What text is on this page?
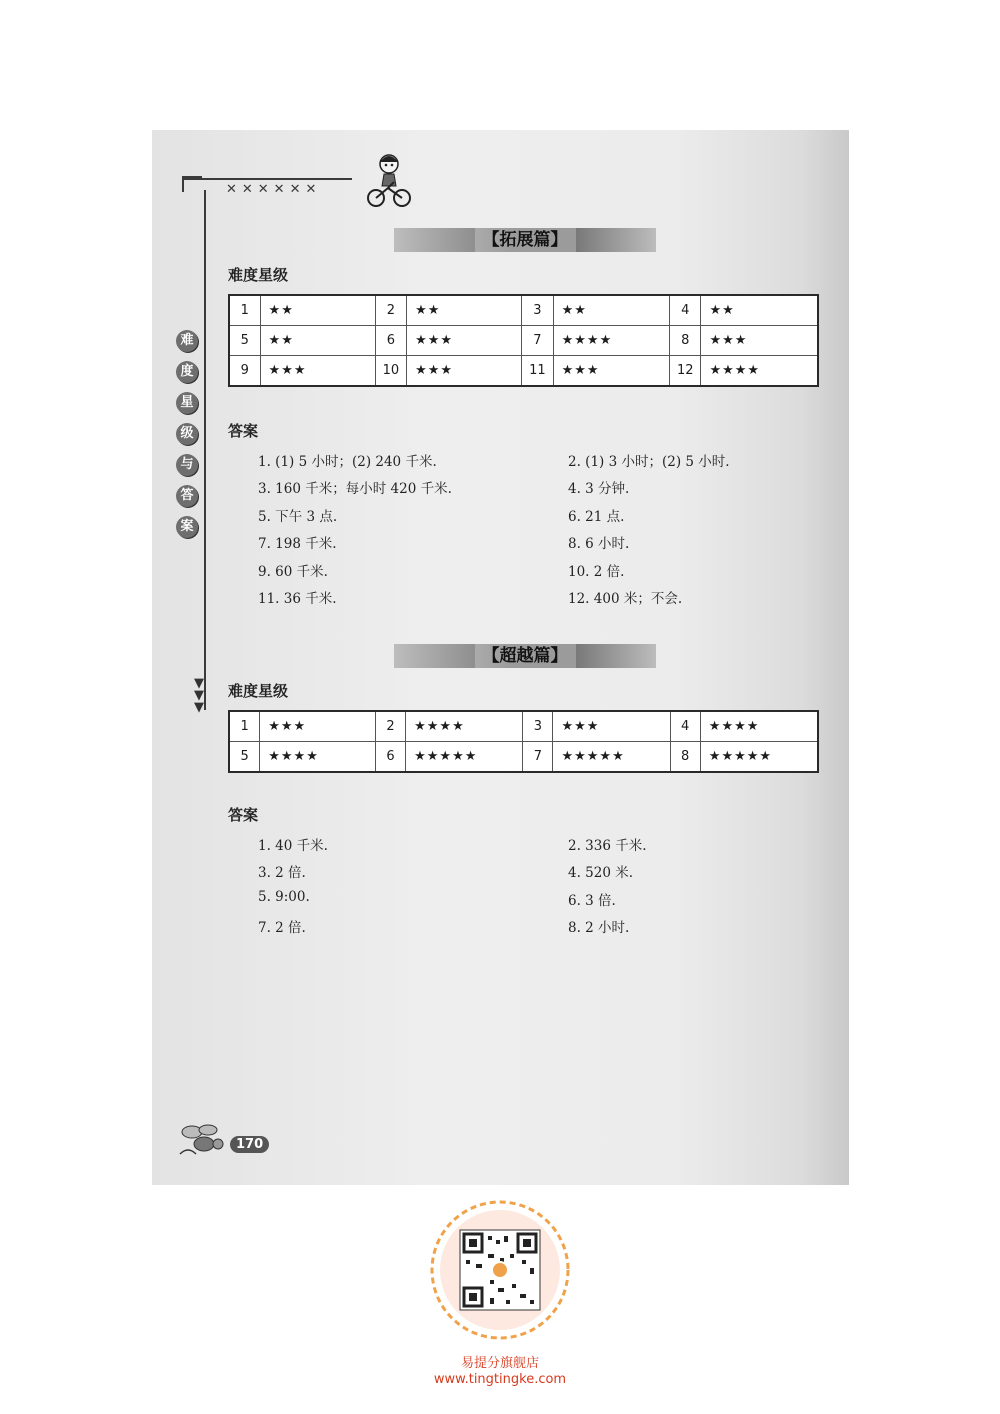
✕✕✕✕✕✕
难
度
星
级
与
答
案
▼
▼
▼
【拓展篇】
难度星级
1	★★	2	★★	3	★★	4	★★
5	★★	6	★★★	7	★★★★	8	★★★
9	★★★	10	★★★	11	★★★	12	★★★★
答案
1. (1) 5 小时；(2) 240 千米.	2. (1) 3 小时；(2) 5 小时.
3. 160 千米；每小时 420 千米.	4. 3 分钟.
5. 下午 3 点.	6. 21 点.
7. 198 千米.	8. 6 小时.
9. 60 千米.	10. 2 倍.
11. 36 千米.	12. 400 米；不会.
【超越篇】
难度星级
1	★★★	2	★★★★	3	★★★	4	★★★★
5	★★★★	6	★★★★★	7	★★★★★	8	★★★★★
答案
1. 40 千米.	2. 336 千米.
3. 2 倍.	4. 520 米.
5. 9:00.	6. 3 倍.
7. 2 倍.	8. 2 小时.
170
易提分旗舰店
www.tingtingke.com
